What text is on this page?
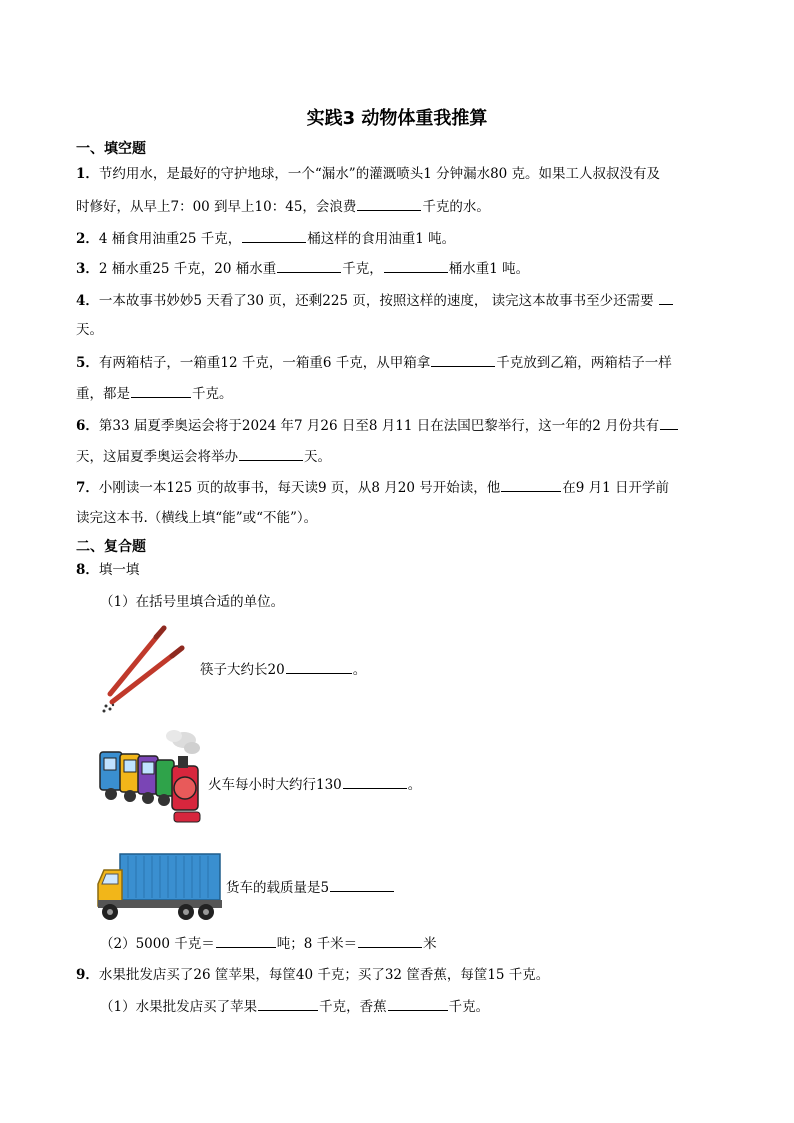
实践3 动物体重我推算
一、填空题
1．节约用水，是最好的守护地球，一个“漏水”的灌溉喷头1 分钟漏水80 克。如果工人叔叔没有及
时修好，从早上7：00 到早上10：45，会浪费	千克的水。
2．4 桶食用油重25 千克，	桶这样的食用油重1 吨。
3．2 桶水重25 千克，20 桶水重	千克，	桶水重1 吨。
4．一本故事书妙妙5 天看了30 页，还剩225 页，按照这样的速度， 读完这本故事书至少还需要
天。
5．有两箱桔子，一箱重12 千克，一箱重6 千克，从甲箱拿	千克放到乙箱，两箱桔子一样
重，都是	千克。
6．第33 届夏季奥运会将于2024 年7 月26 日至8 月11 日在法国巴黎举行，这一年的2 月份共有
天，这届夏季奥运会将举办	天。
7．小刚读一本125 页的故事书，每天读9 页，从8 月20 号开始读，他	在9 月1 日开学前
读完这本书.（横线上填“能”或“不能”）。
二、复合题
8．填一填
（1）在括号里填合适的单位。
筷子大约长20	。
火车每小时大约行130	。
货车的载质量是5
（2）5000 千克＝	吨；8 千米＝	米
9．水果批发店买了26 筐苹果，每筐40 千克；买了32 筐香蕉，每筐15 千克。
（1）水果批发店买了苹果	千克，香蕉	千克。
